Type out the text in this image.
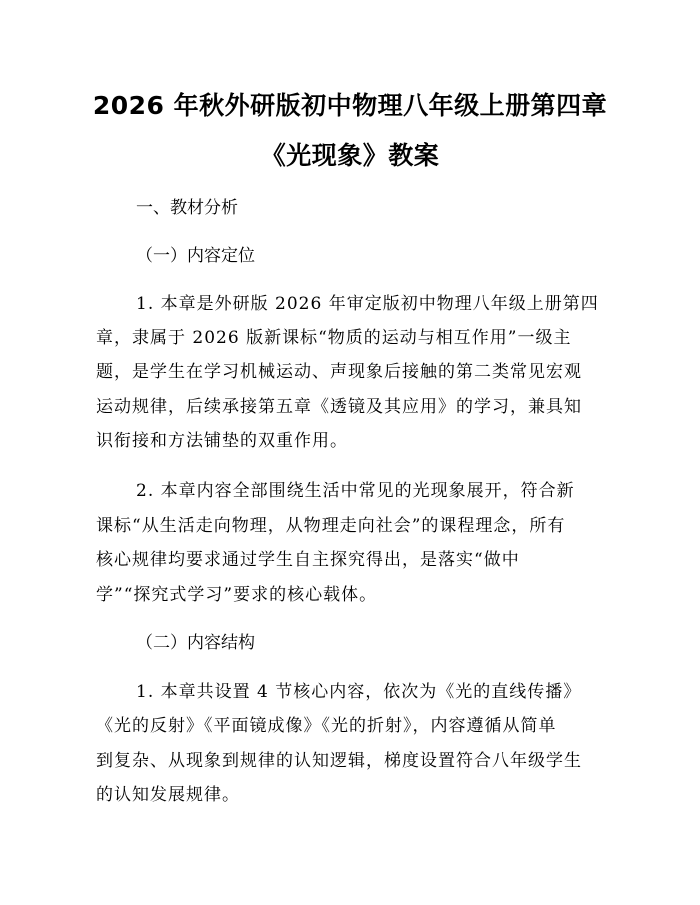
2026 年秋外研版初中物理八年级上册第四章
《光现象》教案
一、教材分析
（一）内容定位
1. 本章是外研版 2026 年审定版初中物理八年级上册第四
章，隶属于 2026 版新课标“物质的运动与相互作用”一级主
题，是学生在学习机械运动、声现象后接触的第二类常见宏观
运动规律，后续承接第五章《透镜及其应用》的学习，兼具知
识衔接和方法铺垫的双重作用。
2. 本章内容全部围绕生活中常见的光现象展开，符合新
课标“从生活走向物理，从物理走向社会”的课程理念，所有
核心规律均要求通过学生自主探究得出，是落实“做中
学”“探究式学习”要求的核心载体。
（二）内容结构
1. 本章共设置 4 节核心内容，依次为《光的直线传播》
《光的反射》《平面镜成像》《光的折射》，内容遵循从简单
到复杂、从现象到规律的认知逻辑，梯度设置符合八年级学生
的认知发展规律。
